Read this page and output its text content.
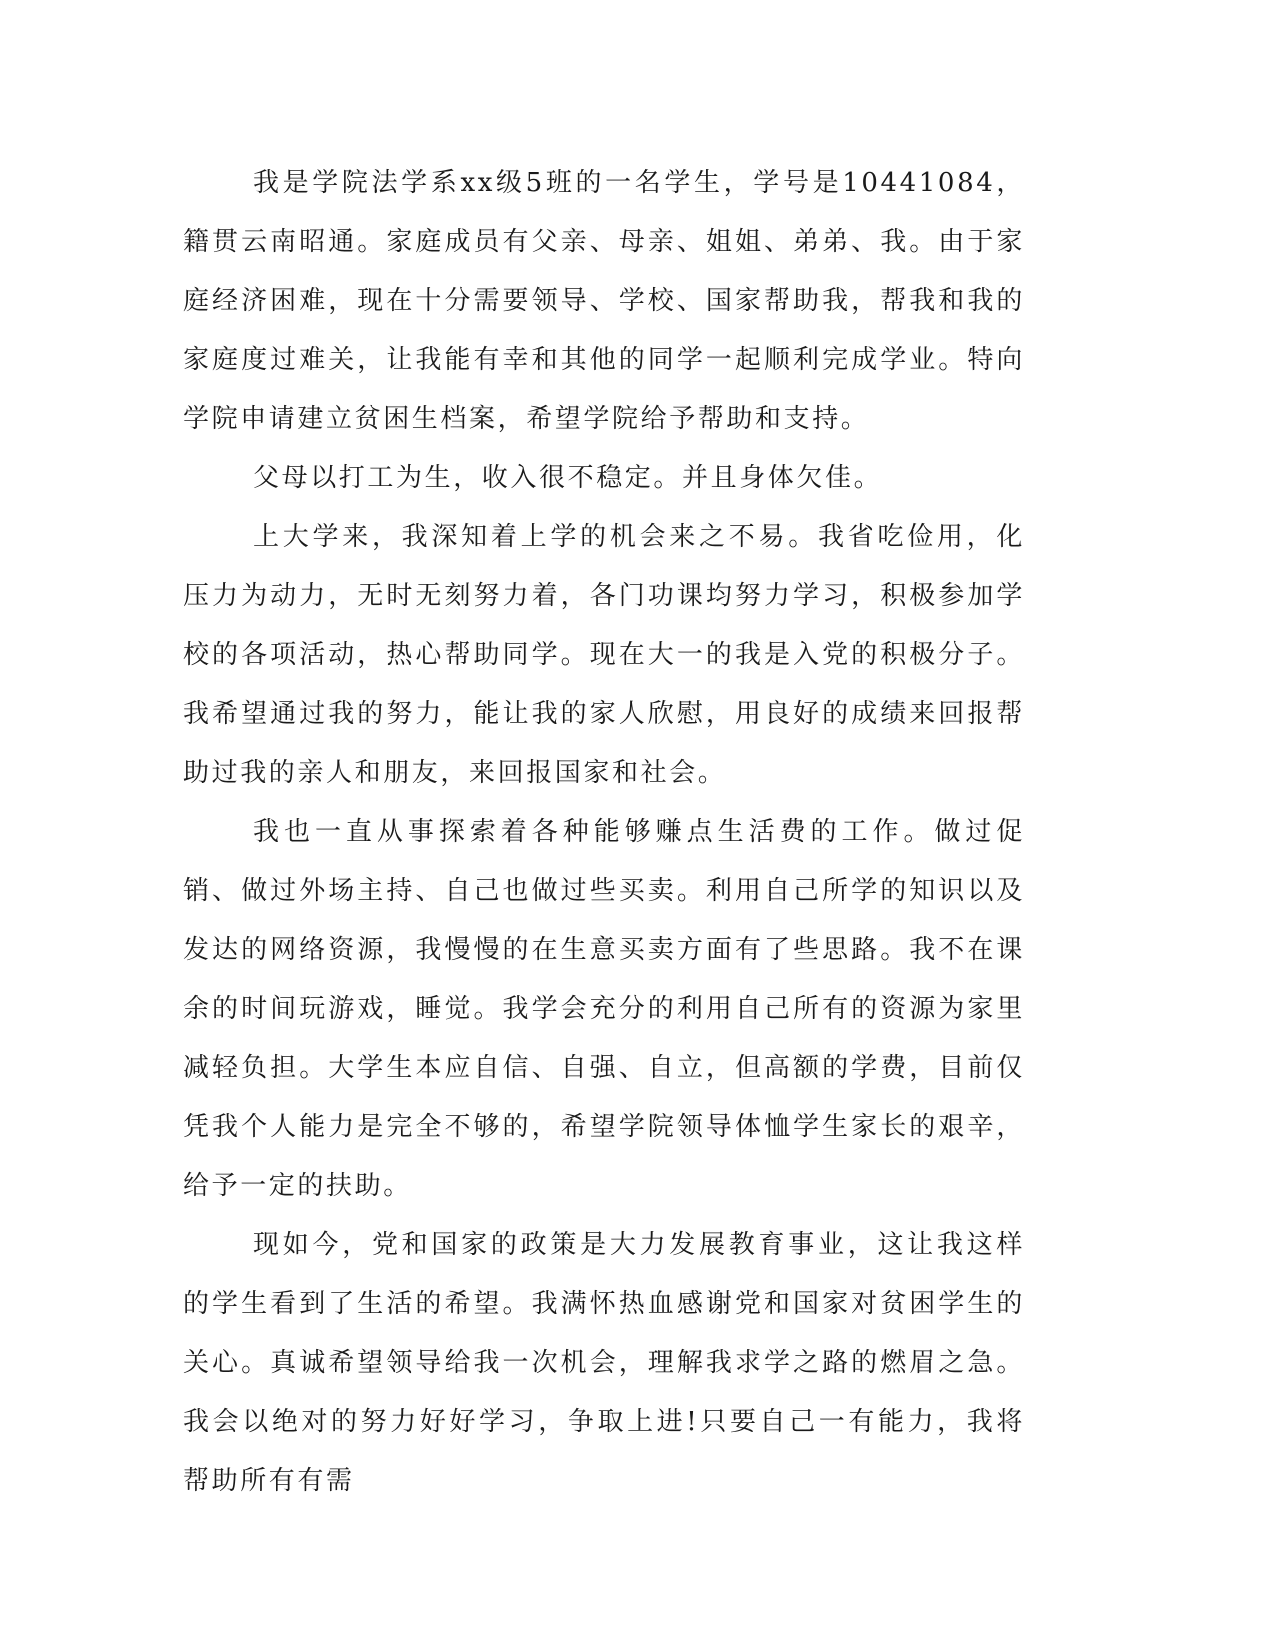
我是学院法学系xx级5班的一名学生，学号是10441084，籍贯云南昭通。家庭成员有父亲、母亲、姐姐、弟弟、我。由于家庭经济困难，现在十分需要领导、学校、国家帮助我，帮我和我的家庭度过难关，让我能有幸和其他的同学一起顺利完成学业。特向学院申请建立贫困生档案，希望学院给予帮助和支持。

父母以打工为生，收入很不稳定。并且身体欠佳。

上大学来，我深知着上学的机会来之不易。我省吃俭用，化压力为动力，无时无刻努力着，各门功课均努力学习，积极参加学校的各项活动，热心帮助同学。现在大一的我是入党的积极分子。我希望通过我的努力，能让我的家人欣慰，用良好的成绩来回报帮助过我的亲人和朋友，来回报国家和社会。

我也一直从事探索着各种能够赚点生活费的工作。做过促销、做过外场主持、自己也做过些买卖。利用自己所学的知识以及发达的网络资源，我慢慢的在生意买卖方面有了些思路。我不在课余的时间玩游戏，睡觉。我学会充分的利用自己所有的资源为家里减轻负担。大学生本应自信、自强、自立，但高额的学费，目前仅凭我个人能力是完全不够的，希望学院领导体恤学生家长的艰辛，给予一定的扶助。

现如今，党和国家的政策是大力发展教育事业，这让我这样的学生看到了生活的希望。我满怀热血感谢党和国家对贫困学生的关心。真诚希望领导给我一次机会，理解我求学之路的燃眉之急。我会以绝对的努力好好学习，争取上进!只要自己一有能力，我将帮助所有有需
